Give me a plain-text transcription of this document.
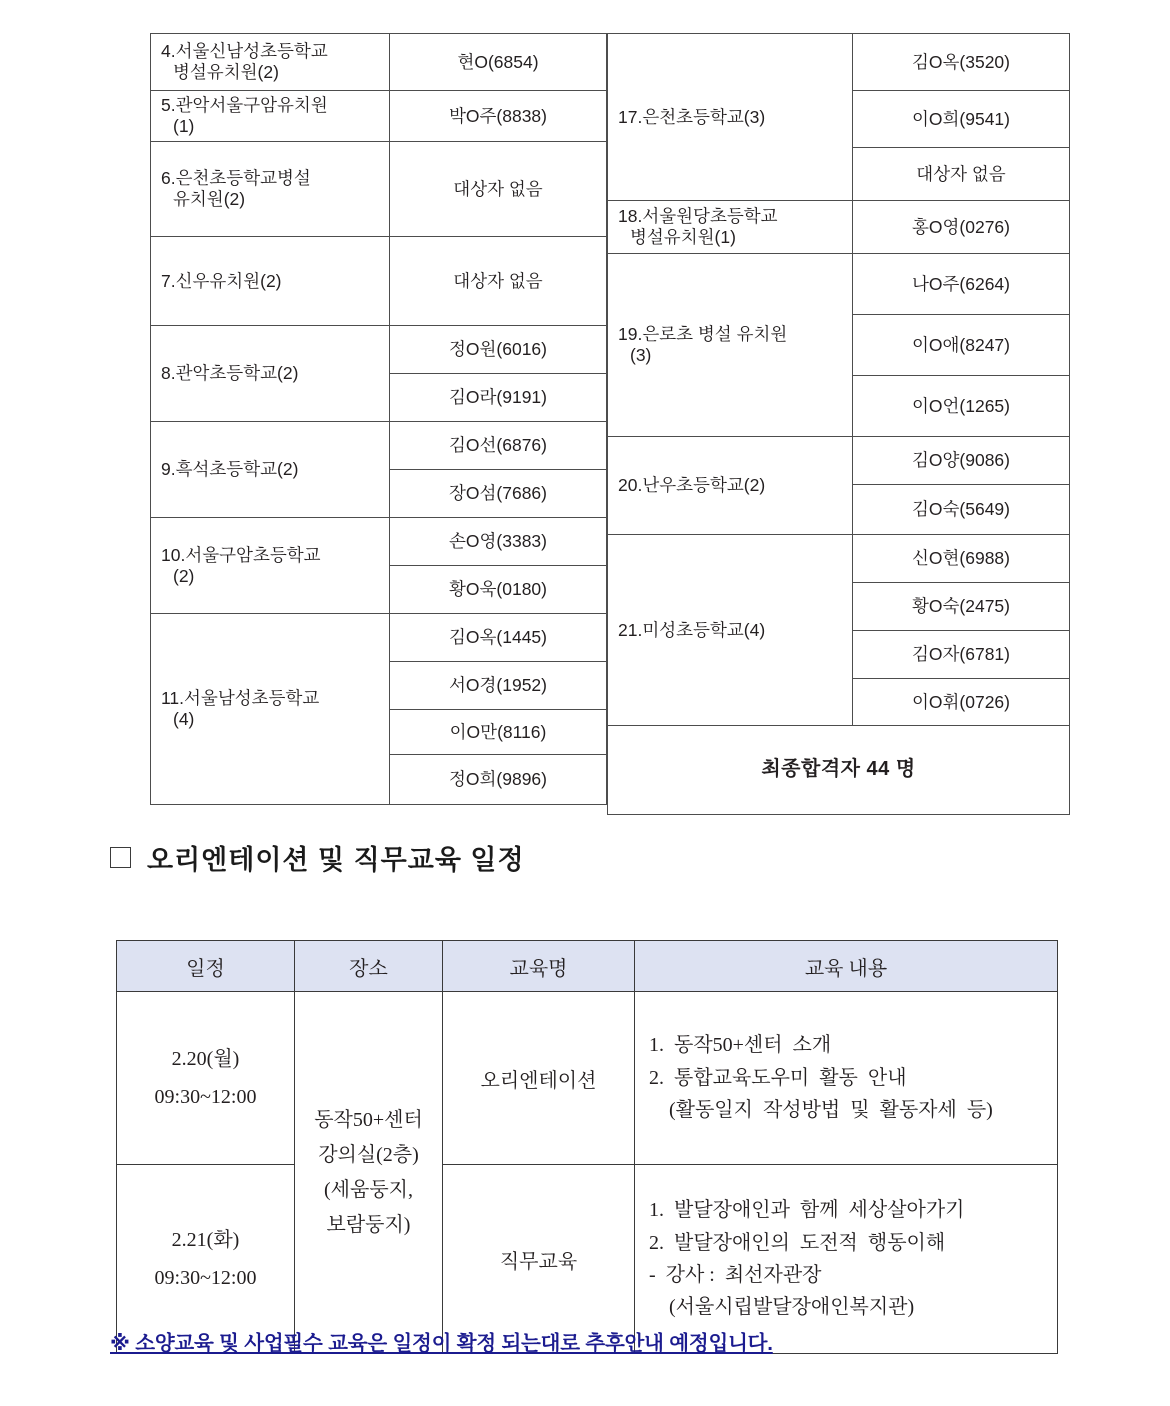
4.서울신남성초등학교
병설유치원(2)	현O(6854)
5.관악서울구암유치원
(1)	박O주(8838)
6.은천초등학교병설
유치원(2)	대상자 없음
7.신우유치원(2)	대상자 없음
8.관악초등학교(2)	정O원(6016)
	김O라(9191)
9.흑석초등학교(2)	김O선(6876)
	장O섬(7686)
10.서울구암초등학교
(2)	손O영(3383)
	황O욱(0180)
11.서울남성초등학교
(4)	김O옥(1445)
	서O경(1952)
	이O만(8116)
	정O희(9896)
17.은천초등학교(3)	김O옥(3520)
	이O희(9541)
	대상자 없음
18.서울원당초등학교
병설유치원(1)	홍O영(0276)
19.은로초 병설 유치원
(3)	나O주(6264)
	이O애(8247)
	이O언(1265)
20.난우초등학교(2)	김O양(9086)
	김O숙(5649)
21.미성초등학교(4)	신O현(6988)
	황O숙(2475)
	김O자(6781)
	이O휘(0726)
최종합격자 44 명	
오리엔테이션 및 직무교육 일정
일정	장소	교육명	교육 내용

2.20(월)
09:30~12:00	동작50+센터
강의실(2층)
(세움둥지,
보람둥지)	오리엔테이션	1.  동작50+센터  소개
2.  통합교육도우미  활동  안내
(활동일지  작성방법  및  활동자세  등)

2.21(화)
09:30~12:00		직무교육	1.  발달장애인과  함께  세상살아가기
2.  발달장애인의  도전적  행동이해
-  강사 :  최선자관장
(서울시립발달장애인복지관)
※ 소양교육 및 사업필수 교육은 일정이 확정 되는대로 추후안내 예정입니다.
